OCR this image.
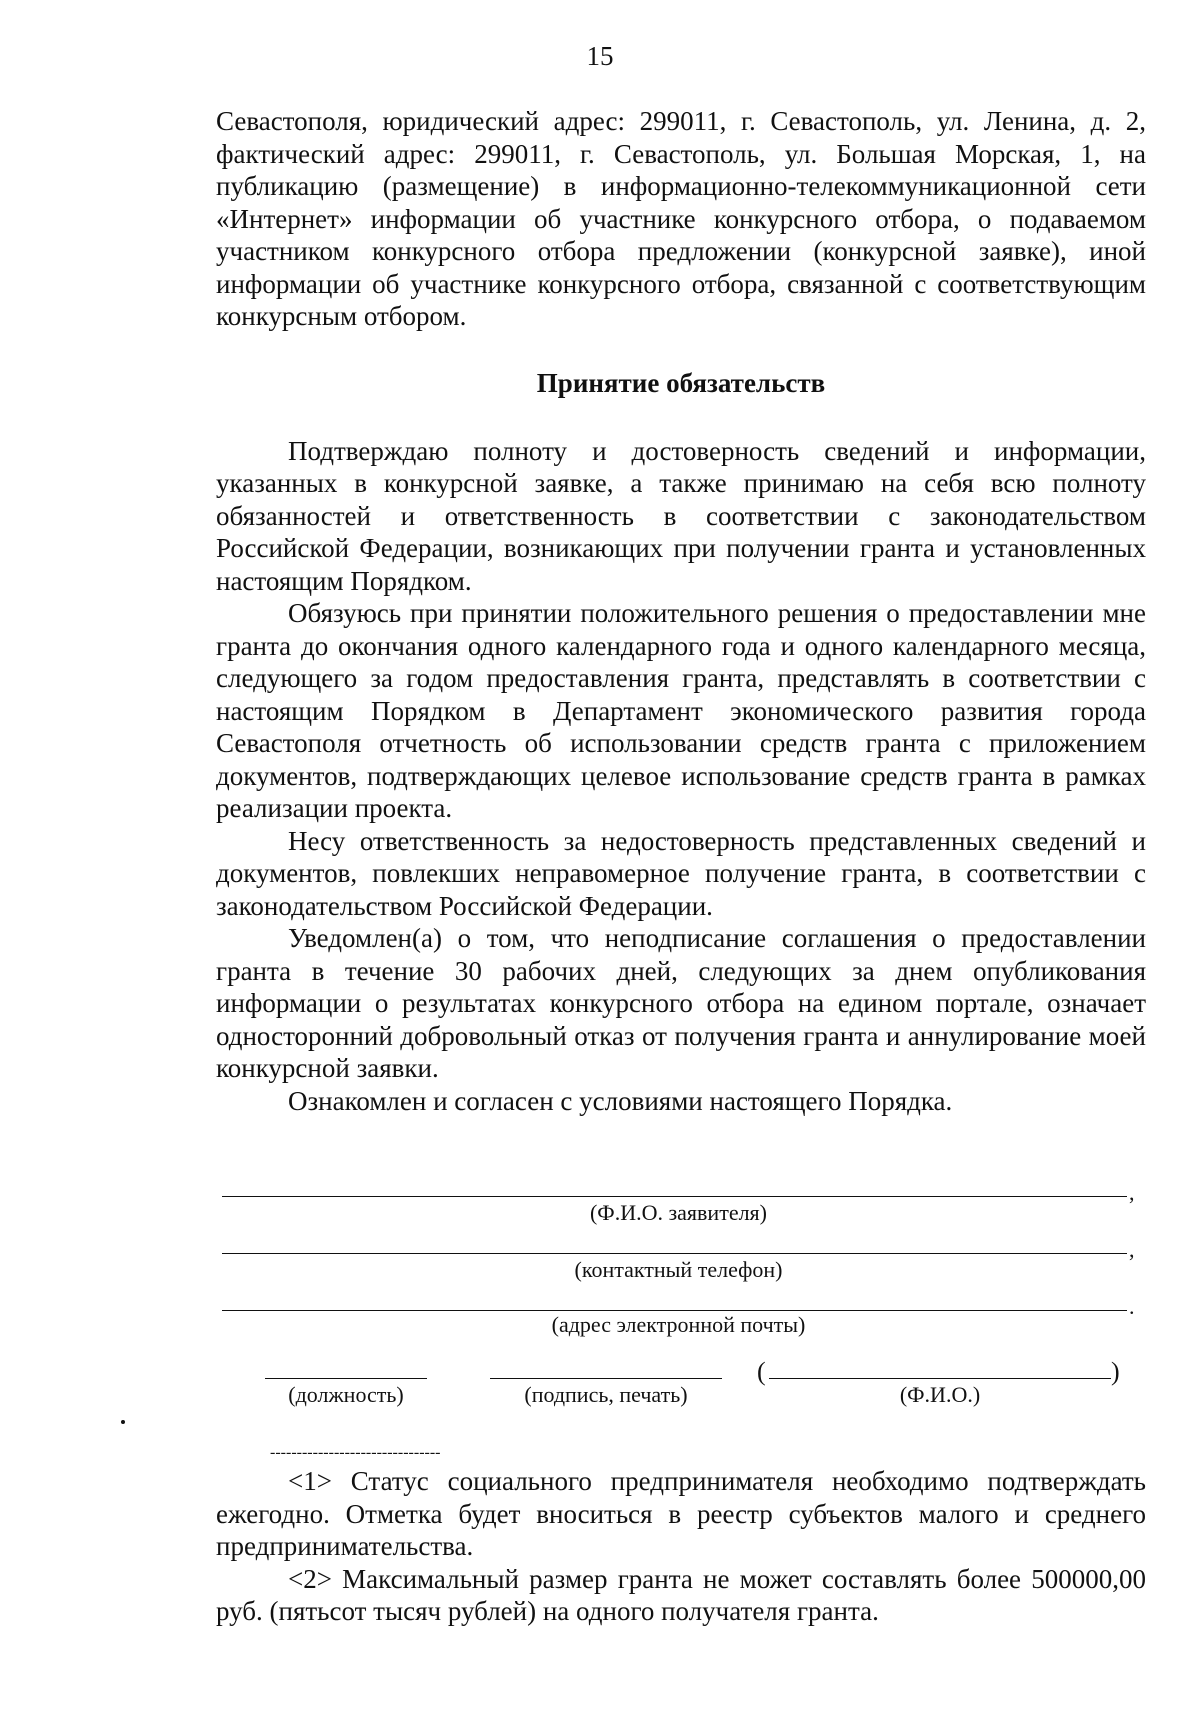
15

Севастополя, юридический адрес: 299011, г. Севастополь, ул. Ленина, д. 2, фактический адрес: 299011, г. Севастополь, ул. Большая Морская, 1, на публикацию (размещение) в информационно-телекоммуникационной сети «Интернет» информации об участнике конкурсного отбора, о подаваемом участником конкурсного отбора предложении (конкурсной заявке), иной информации об участнике конкурсного отбора, связанной с соответствующим конкурсным отбором.

Принятие обязательств

Подтверждаю полноту и достоверность сведений и информации, указанных в конкурсной заявке, а также принимаю на себя всю полноту обязанностей и ответственность в соответствии с законодательством Российской Федерации, возникающих при получении гранта и установленных настоящим Порядком.

Обязуюсь при принятии положительного решения о предоставлении мне гранта до окончания одного календарного года и одного календарного месяца, следующего за годом предоставления гранта, представлять в соответствии с настоящим Порядком в Департамент экономического развития города Севастополя отчетность об использовании средств гранта с приложением документов, подтверждающих целевое использование средств гранта в рамках реализации проекта.

Несу ответственность за недостоверность представленных сведений и документов, повлекших неправомерное получение гранта, в соответствии с законодательством Российской Федерации.

Уведомлен(а) о том, что неподписание соглашения о предоставлении гранта в течение 30 рабочих дней, следующих за днем опубликования информации о результатах конкурсного отбора на едином портале, означает односторонний добровольный отказ от получения гранта и аннулирование моей конкурсной заявки.

Ознакомлен и согласен с условиями настоящего Порядка.

,
(Ф.И.О. заявителя)
,
(контактный телефон)
.
(адрес электронной почты)
(должность)	(подпись, печать)
(	)
(Ф.И.О.)
--------------------------------

<1> Статус социального предпринимателя необходимо подтверждать ежегодно. Отметка будет вноситься в реестр субъектов малого и среднего предпринимательства.

<2> Максимальный размер гранта не может составлять более 500000,00 руб. (пятьсот тысяч рублей) на одного получателя гранта.
